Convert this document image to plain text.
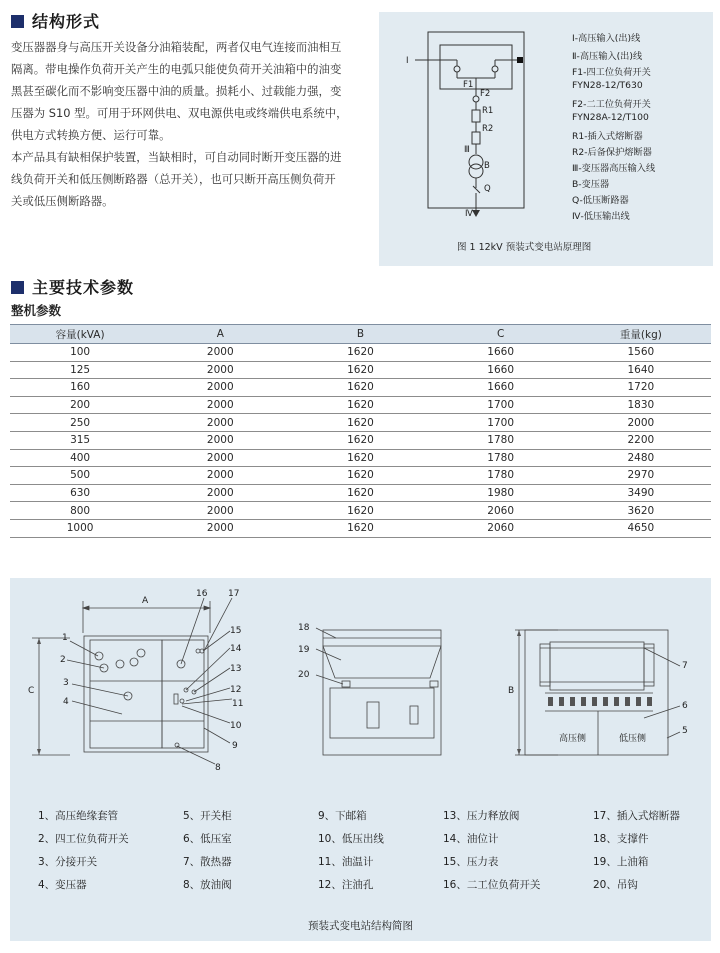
结构形式

变压器器身与高压开关设备分油箱装配，两者仅电气连接而油相互

隔离。带电操作负荷开关产生的电弧只能使负荷开关油箱中的油变

黑甚至碳化而不影响变压器中油的质量。损耗小、过载能力强，变

压器为 S10 型。可用于环网供电、双电源供电或终端供电系统中，

供电方式转换方便、运行可靠。

本产品具有缺相保护装置，当缺相时，可自动同时断开变压器的进

线负荷开关和低压侧断路器（总开关），也可只断开高压侧负荷开

关或低压侧断路器。

I
F1
F2
R1
R2
Ⅲ
B
Q
Ⅳ
图 1 12kV 预装式变电站原理图
Ⅰ-高压输入(出)线
Ⅱ-高压输入(出)线
F1-四工位负荷开关
FYN28-12/T630
F2-二工位负荷开关
FYN28A-12/T100
R1-插入式熔断器
R2-后备保护熔断器
Ⅲ-变压器高压输入线
B-变压器
Q-低压断路器
Ⅳ-低压输出线
主要技术参数
整机参数
容量(kVA)	A	B	C	重量(kg)
100	2000	1620	1660	1560
125	2000	1620	1660	1640
160	2000	1620	1660	1720
200	2000	1620	1700	1830
250	2000	1620	1700	2000
315	2000	1620	1780	2200
400	2000	1620	1780	2480
500	2000	1620	1780	2970
630	2000	1620	1980	3490
800	2000	1620	2060	3620
1000	2000	1620	2060	4650
A
B
C
高压侧	低压侧
1
2
3
4
5
6
7
8
9
10
11
12
13
14
15
16 17
18
19
20
1、高压绝缘套管	5、开关柜	9、下邮箱	13、压力释放阀	17、插入式熔断器
2、四工位负荷开关	6、低压室	10、低压出线	14、油位计	18、支撑件
3、分接开关	7、散热器	11、油温计	15、压力表	19、上油箱
4、变压器	8、放油阀	12、注油孔	16、二工位负荷开关	20、吊钩
预装式变电站结构简图
